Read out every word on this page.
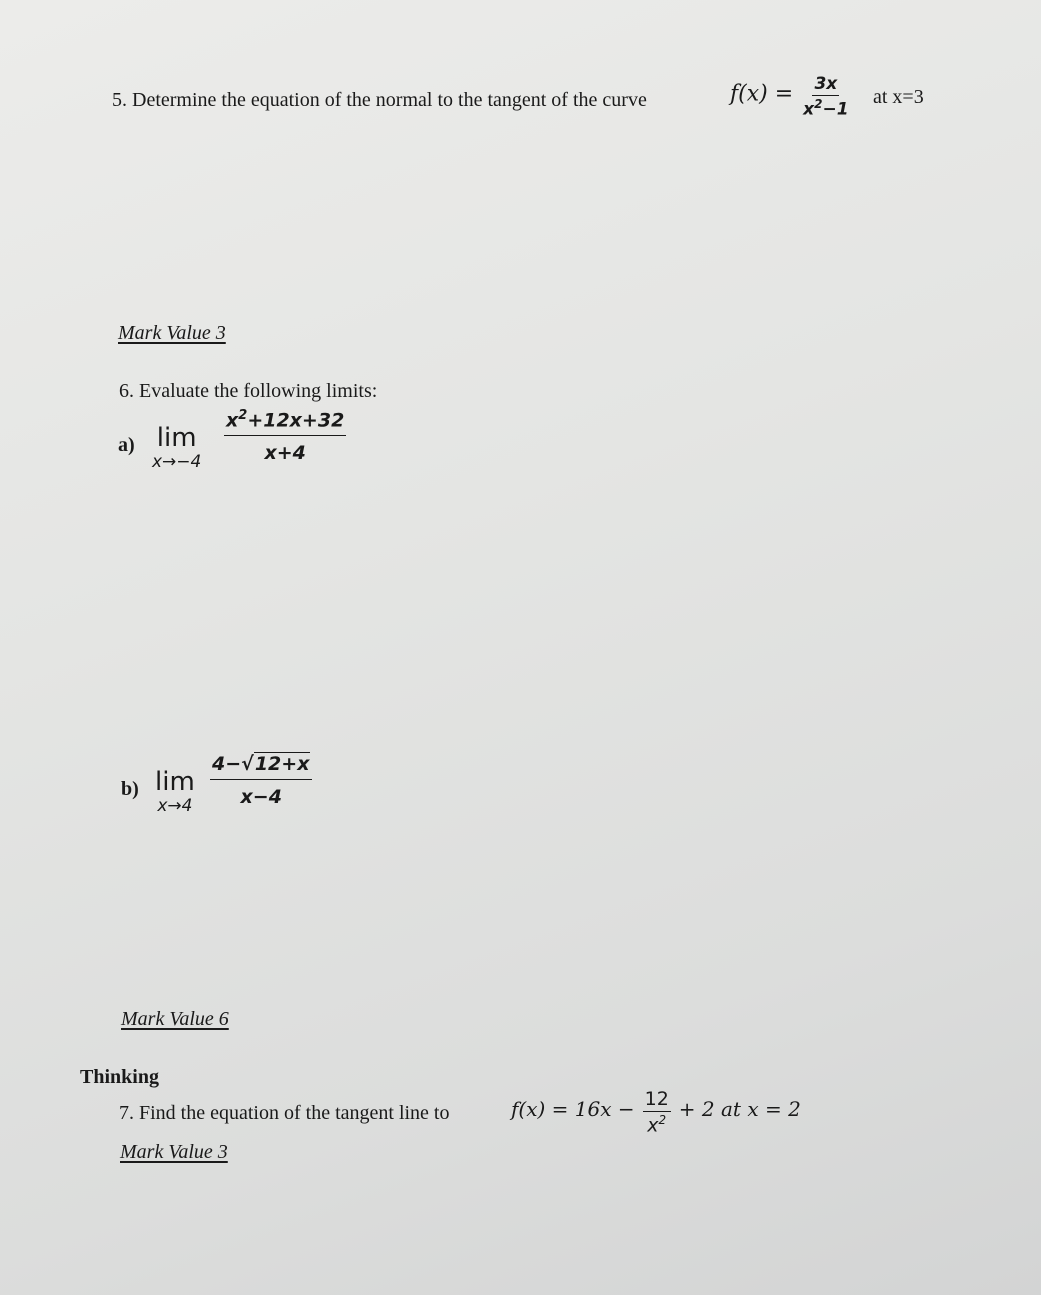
5. Determine the equation of the normal to the tangent of the curve	$f(x) = \frac{3x}{x^2-1}$ at x=3
Mark Value 3
6. Evaluate the following limits:
a) lim
$x\to-4 \frac{x^2+12x+32}{x+4}$
b) lim
$x\to 4 \frac{4- √ 12+x}{x-4}$
Mark Value 6
Thinking
7. Find the equation of the tangent line to	$f(x) = 16x - \frac{12}{x^2} + 2$ at x = 2
Mark Value 3
